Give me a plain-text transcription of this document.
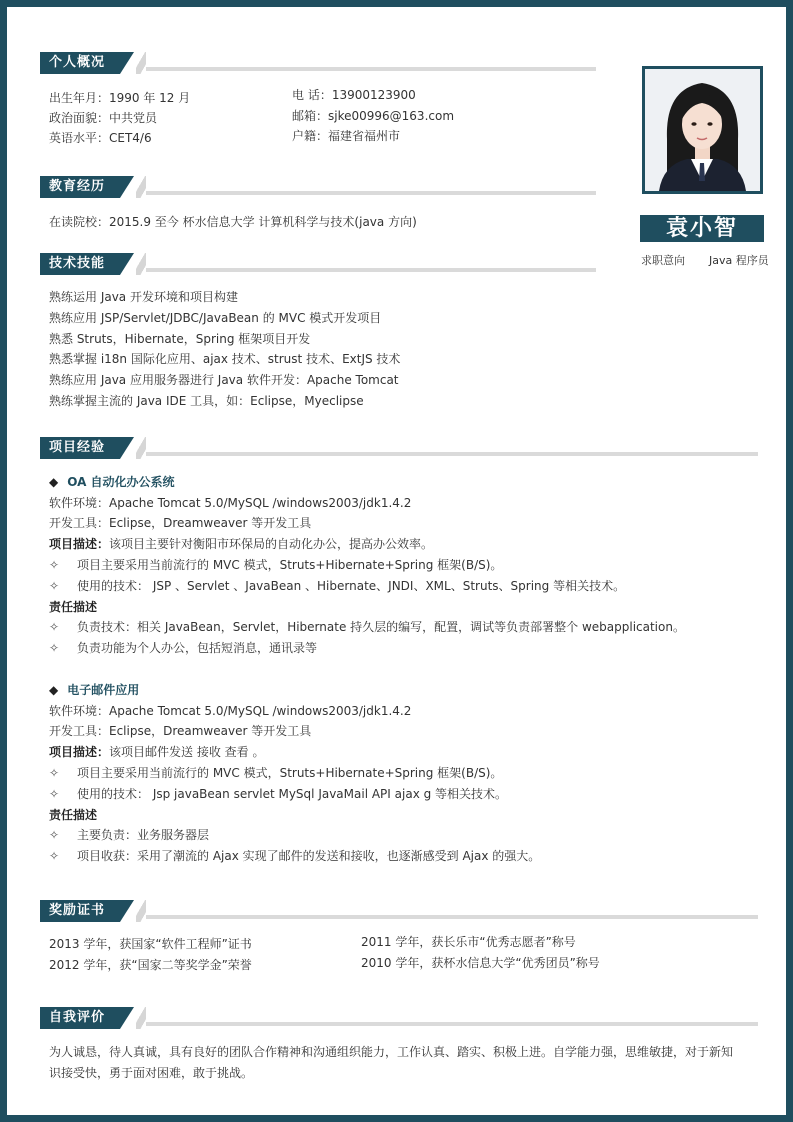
个人概况
出生年月：1990 年 12 月
政治面貌：中共党员
英语水平：CET4/6
电 话：13900123900
邮箱：sjke00996@163.com
户籍：福建省福州市
袁小智
求职意向 Java 程序员
教育经历
在读院校：2015.9 至今 杯水信息大学 计算机科学与技术(java 方向)
技术技能
熟练运用 Java 开发环境和项目构建
熟练应用 JSP/Servlet/JDBC/JavaBean 的 MVC 模式开发项目
熟悉 Struts，Hibernate，Spring 框架项目开发
熟悉掌握 i18n 国际化应用、ajax 技术、strust 技术、ExtJS 技术
熟练应用 Java 应用服务器进行 Java 软件开发：Apache Tomcat
熟练掌握主流的 Java IDE 工具，如：Eclipse，Myeclipse
项目经验
◆ OA 自动化办公系统
软件环境：Apache Tomcat 5.0/MySQL /windows2003/jdk1.4.2
开发工具：Eclipse，Dreamweaver 等开发工具
项目描述：该项目主要针对衡阳市环保局的自动化办公，提高办公效率。
✧ 项目主要采用当前流行的 MVC 模式，Struts+Hibernate+Spring 框架(B/S)。
✧ 使用的技术： JSP 、Servlet 、JavaBean 、Hibernate、JNDI、XML、Struts、Spring 等相关技术。
责任描述
✧ 负责技术：相关 JavaBean，Servlet，Hibernate 持久层的编写，配置，调试等负责部署整个 webapplication。
✧ 负责功能为个人办公，包括短消息，通讯录等
◆ 电子邮件应用
软件环境：Apache Tomcat 5.0/MySQL /windows2003/jdk1.4.2
开发工具：Eclipse，Dreamweaver 等开发工具
项目描述：该项目邮件发送 接收 查看 。
✧ 项目主要采用当前流行的 MVC 模式，Struts+Hibernate+Spring 框架(B/S)。
✧ 使用的技术： Jsp javaBean servlet MySql JavaMail API ajax g 等相关技术。
责任描述
✧ 主要负责：业务服务器层
✧ 项目收获：采用了潮流的 Ajax 实现了邮件的发送和接收，也逐渐感受到 Ajax 的强大。
奖励证书
2013 学年，获国家“软件工程师”证书
2012 学年，获“国家二等奖学金”荣誉
2011 学年，获长乐市“优秀志愿者”称号
2010 学年，获杯水信息大学“优秀团员”称号
自我评价
为人诚恳，待人真诚，具有良好的团队合作精神和沟通组织能力，工作认真、踏实、积极上进。自学能力强，思维敏捷，对于新知
识接受快，勇于面对困难，敢于挑战。
